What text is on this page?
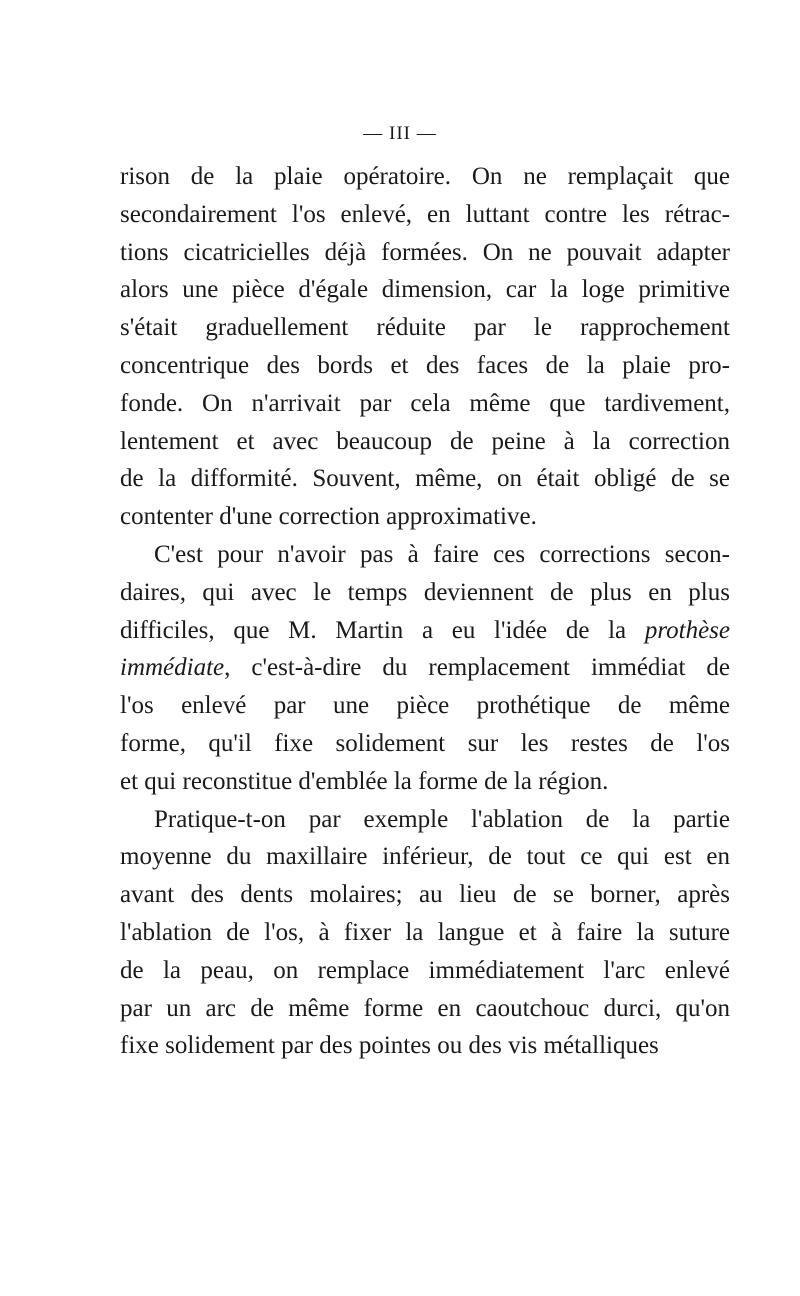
— III —
rison de la plaie opératoire. On ne remplaçait que
secondairement l'os enlevé, en luttant contre les rétrac-
tions cicatricielles déjà formées. On ne pouvait adapter
alors une pièce d'égale dimension, car la loge primitive
s'était graduellement réduite par le rapprochement
concentrique des bords et des faces de la plaie pro-
fonde. On n'arrivait par cela même que tardivement,
lentement et avec beaucoup de peine à la correction
de la difformité. Souvent, même, on était obligé de se
contenter d'une correction approximative.
C'est pour n'avoir pas à faire ces corrections secon-
daires, qui avec le temps deviennent de plus en plus
difficiles, que M. Martin a eu l'idée de la prothèse
immédiate, c'est-à-dire du remplacement immédiat de
l'os enlevé par une pièce prothétique de même
forme, qu'il fixe solidement sur les restes de l'os
et qui reconstitue d'emblée la forme de la région.
Pratique-t-on par exemple l'ablation de la partie
moyenne du maxillaire inférieur, de tout ce qui est en
avant des dents molaires; au lieu de se borner, après
l'ablation de l'os, à fixer la langue et à faire la suture
de la peau, on remplace immédiatement l'arc enlevé
par un arc de même forme en caoutchouc durci, qu'on
fixe solidement par des pointes ou des vis métalliques
